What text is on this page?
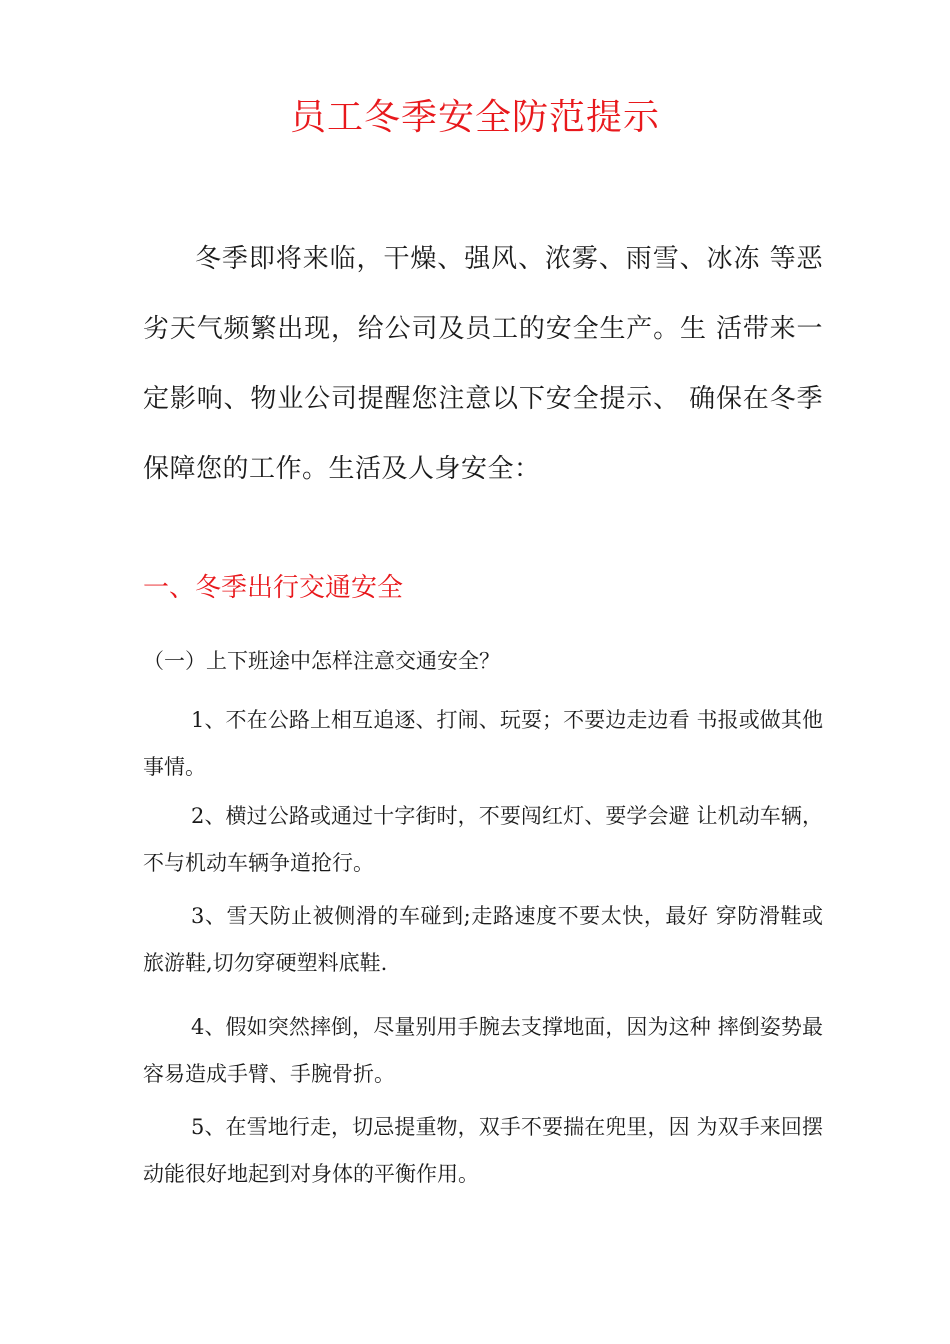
员工冬季安全防范提示

冬季即将来临，干燥、强风、浓雾、雨雪、冰冻 等恶劣天气频繁出现，给公司及员工的安全生产。生 活带来一定影响、物业公司提醒您注意以下安全提示、 确保在冬季保障您的工作。生活及人身安全：

一、冬季出行交通安全
（一）上下班途中怎样注意交通安全？

1、不在公路上相互追逐、打闹、玩耍；不要边走边看 书报或做其他事情。

2、横过公路或通过十字街时，不要闯红灯、要学会避 让机动车辆，不与机动车辆争道抢行。

3、雪天防止被侧滑的车碰到;走路速度不要太快，最好 穿防滑鞋或旅游鞋,切勿穿硬塑料底鞋.

4、假如突然摔倒，尽量别用手腕去支撑地面，因为这种 摔倒姿势最容易造成手臂、手腕骨折。

5、在雪地行走，切忌提重物，双手不要揣在兜里，因 为双手来回摆动能很好地起到对身体的平衡作用。
